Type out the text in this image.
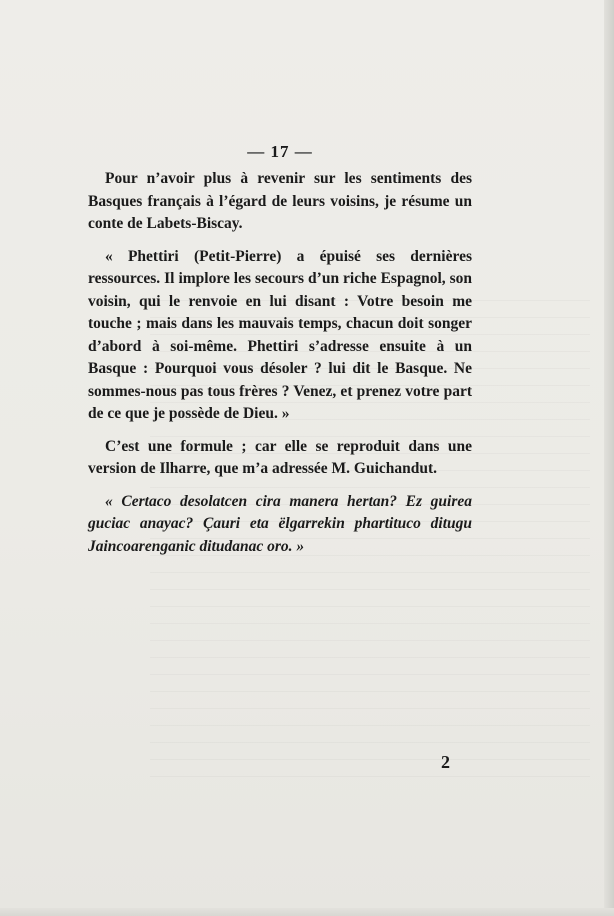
— 17 —

Pour n’avoir plus à revenir sur les sentiments des Basques français à l’égard de leurs voisins, je résume un conte de Labets-Biscay.

« Phettiri (Petit-Pierre) a épuisé ses dernières ressources. Il implore les secours d’un riche Espagnol, son voisin, qui le renvoie en lui disant : Votre besoin me touche ; mais dans les mauvais temps, chacun doit songer d’abord à soi-même. Phettiri s’adresse ensuite à un Basque : Pourquoi vous désoler ? lui dit le Basque. Ne sommes-nous pas tous frères ? Venez, et prenez votre part de ce que je possède de Dieu. »

C’est une formule ; car elle se reproduit dans une version de Ilharre, que m’a adressée M. Guichandut.

« Certaco desolatcen cira manera hertan? Ez guirea guciac anayac? Çauri eta ëlgarrekin phartituco ditugu Jaincoarenganic ditudanac oro. »

2
